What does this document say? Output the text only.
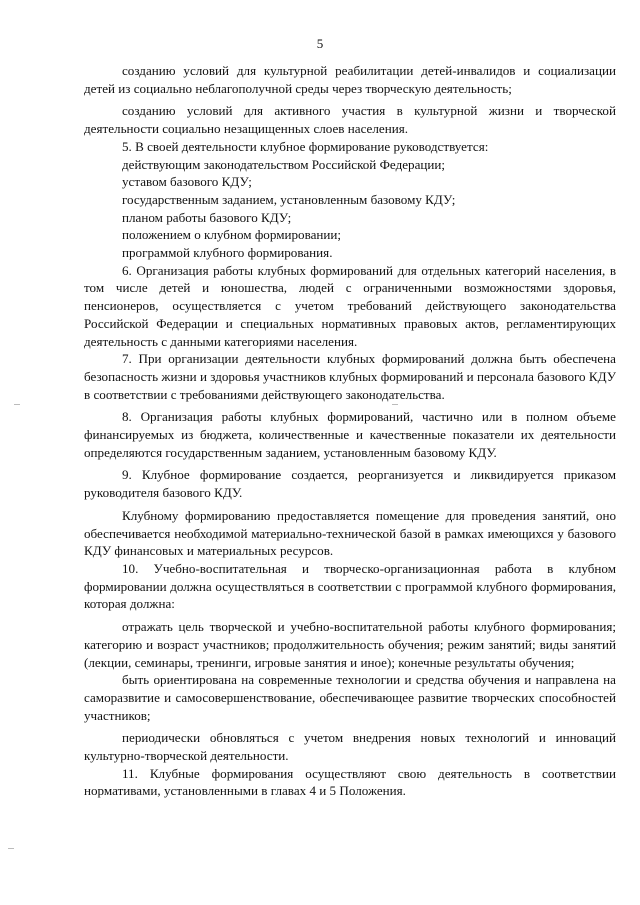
5

созданию условий для культурной реабилитации детей-инвалидов и социализации детей из социально неблагополучной среды через творческую деятельность;

созданию условий для активного участия в культурной жизни и творческой деятельности социально незащищенных слоев населения.

5. В своей деятельности клубное формирование руководствуется:

действующим законодательством Российской Федерации;

уставом базового КДУ;

государственным заданием, установленным базовому КДУ;

планом работы базового КДУ;

положением о клубном формировании;

программой клубного формирования.

6. Организация работы клубных формирований для отдельных категорий населения, в том числе детей и юношества, людей с ограниченными возможностями здоровья, пенсионеров, осуществляется с учетом требований действующего законодательства Российской Федерации и специальных нормативных правовых актов, регламентирующих деятельность с данными категориями населения.

7. При организации деятельности клубных формирований должна быть обеспечена безопасность жизни и здоровья участников клубных формирований и персонала базового КДУ в соответствии с требованиями действующего законодательства.

8. Организация работы клубных формирований, частично или в полном объеме финансируемых из бюджета, количественные и качественные показатели их деятельности определяются государственным заданием, установленным базовому КДУ.

9. Клубное формирование создается, реорганизуется и ликвидируется приказом руководителя базового КДУ.

Клубному формированию предоставляется помещение для проведения занятий, оно обеспечивается необходимой материально-технической базой в рамках имеющихся у базового КДУ финансовых и материальных ресурсов.

10. Учебно-воспитательная и творческо-организационная работа в клубном формировании должна осуществляться в соответствии с программой клубного формирования, которая должна:

отражать цель творческой и учебно-воспитательной работы клубного формирования; категорию и возраст участников; продолжительность обучения; режим занятий; виды занятий (лекции, семинары, тренинги, игровые занятия и иное); конечные результаты обучения;

быть ориентирована на современные технологии и средства обучения и направлена на саморазвитие и самосовершенствование, обеспечивающее развитие творческих способностей участников;

периодически обновляться с учетом внедрения новых технологий и инноваций культурно-творческой деятельности.

11. Клубные формирования осуществляют свою деятельность в соответствии нормативами, установленными в главах 4 и 5 Положения.
